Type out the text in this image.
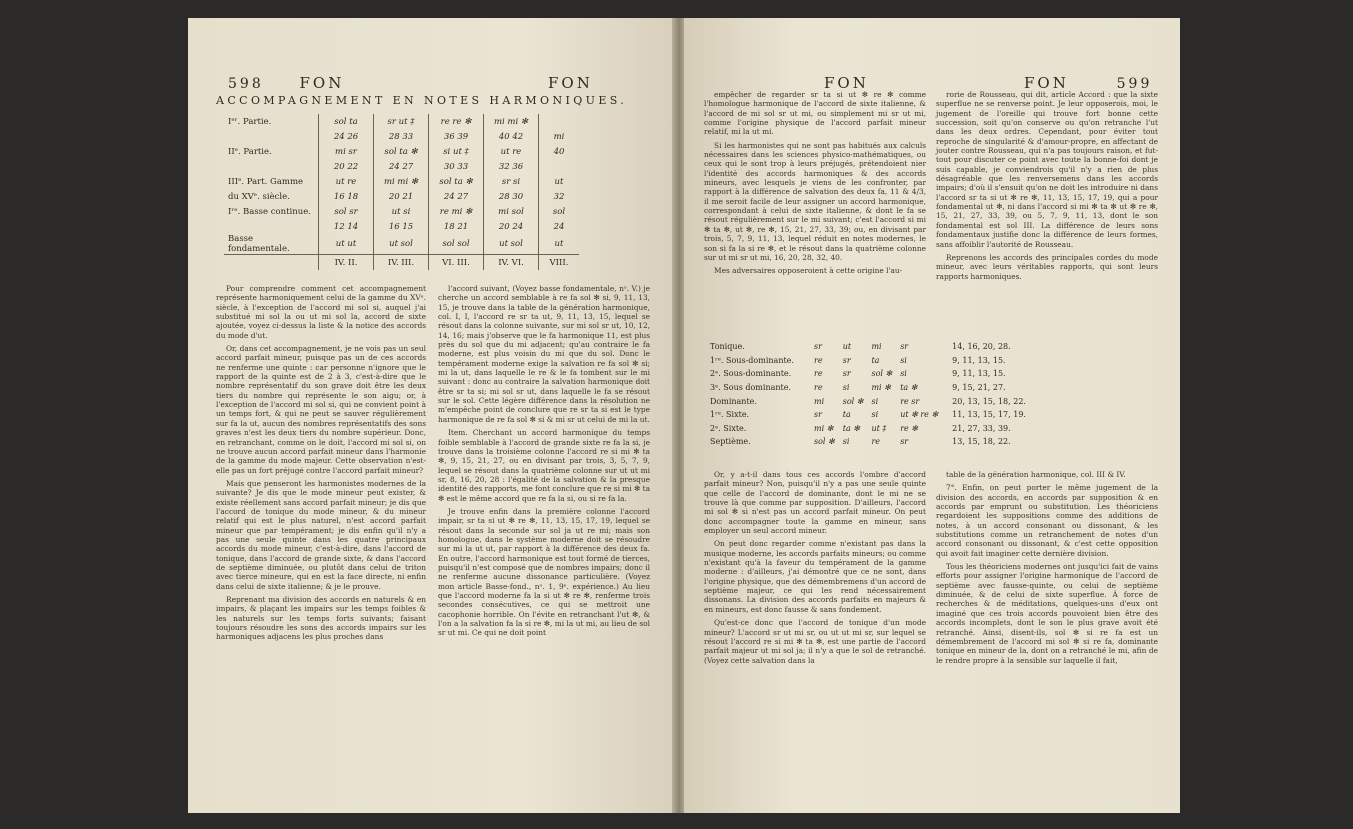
598 FON	FON
ACCOMPAGNEMENT EN NOTES HARMONIQUES.
Iᵉʳ. Partie.	sol ta	sr ut ‡	re re ✻	mi mi ✻	
	24 26	28 33	36 39	40 42	mi
IIᵉ. Partie.	mi sr	sol ta ✻	si ut ‡	ut re	40
	20 22	24 27	30 33	32 36	
IIIᵉ. Part. Gamme	ut re	mi mi ✻	sol ta ✻	sr si	ut
du XVᵉ. siècle.	16 18	20 21	24 27	28 30	32
Iʳᵉ. Basse continue.	sol sr	ut si	re mi ✻	mi sol	sol
	12 14	16 15	18 21	20 24	24
Basse fondamentale.	ut ut	ut sol	sol sol	ut sol	ut
	IV. II.	IV. III.	VI. III.	IV. VI.	VIII.

Pour comprendre comment cet accompagnement représente harmoniquement celui de la gamme du XVᵉ. siècle, à l'exception de l'accord mi sol si, auquel j'ai substitué mi sol la ou ut mi sol la, accord de sixte ajoutée, voyez ci-dessus la liste & la notice des accords du mode d'ut.

Or, dans cet accompagnement, je ne vois pas un seul accord parfait mineur, puisque pas un de ces accords ne renferme une quinte : car personne n'ignore que le rapport de la quinte est de 2 à 3, c'est-à-dire que le nombre représentatif du son grave doit être les deux tiers du nombre qui représente le son aigu; or, à l'exception de l'accord mi sol si, qui ne convient point à un temps fort, & qui ne peut se sauver régulièrement sur fa la ut, aucun des nombres représentatifs des sons graves n'est les deux tiers du nombre supérieur. Donc, en retranchant, comme on le doit, l'accord mi sol si, on ne trouve aucun accord parfait mineur dans l'harmonie de la gamme du mode majeur. Cette observation n'est-elle pas un fort préjugé contre l'accord parfait mineur?

Mais que penseront les harmonistes modernes de la suivante? Je dis que le mode mineur peut exister, & existe réellement sans accord parfait mineur; je dis que l'accord de tonique du mode mineur, & du mineur relatif qui est le plus naturel, n'est accord parfait mineur que par tempérament; je dis enfin qu'il n'y a pas une seule quinte dans les quatre principaux accords du mode mineur, c'est-à-dire, dans l'accord de tonique, dans l'accord de grande sixte, & dans l'accord de septième diminuée, ou plutôt dans celui de triton avec tierce mineure, qui en est la face directe, ni enfin dans celui de sixte italienne; & je le prouve.

Reprenant ma division des accords en naturels & en impairs, & plaçant les impairs sur les temps foibles & les naturels sur les temps forts suivants; faisant toujours résoudre les sons des accords impairs sur les harmoniques adjacens les plus proches dans

l'accord suivant, (Voyez basse fondamentale, nᵒ. V.) je cherche un accord semblable à re fa sol ✻ si, 9, 11, 13, 15, je trouve dans la table de la génération harmonique, col. I, I, l'accord re sr ta ut, 9, 11, 13, 15, lequel se résout dans la colonne suivante, sur mi sol sr ut, 10, 12, 14, 16; mais j'observe que le fa harmonique 11, est plus près du sol que du mi adjacent; qu'au contraire le fa moderne, est plus voisin du mi que du sol. Donc le tempérament moderne exige la salvation re fa sol ✻ si; mi la ut, dans laquelle le re & le fa tombent sur le mi suivant : donc au contraire la salvation harmonique doit être sr ta si; mi sol sr ut, dans laquelle le fa se résout sur le sol. Cette légère différence dans la résolution ne m'empêche point de conclure que re sr ta si est le type harmonique de re fa sol ✻ si & mi sr ut celui de mi la ut.

Item. Cherchant un accord harmonique du temps foible semblable à l'accord de grande sixte re fa la si, je trouve dans la troisième colonne l'accord re si mi ✻ ta ✻, 9, 15, 21, 27, ou en divisant par trois, 3, 5, 7, 9, lequel se résout dans la quatrième colonne sur ut ut mi sr, 8, 16, 20, 28 : l'égalité de la salvation & la presque identité des rapports, me font conclure que re si mi ✻ ta ✻ est le même accord que re fa la si, ou si re fa la.

Je trouve enfin dans la première colonne l'accord impair, sr ta si ut ✻ re ✻, 11, 13, 15, 17, 19, lequel se résout dans la seconde sur sol ja ut re mi; mais son homologue, dans le système moderne doit se résoudre sur mi la ut ut, par rapport à la différence des deux fa. En outre, l'accord harmonique est tout formé de tierces, puisqu'il n'est composé que de nombres impairs; donc il ne renferme aucune dissonance particulière. (Voyez mon article Basse-fond., nᵒ. 1, 9ᵉ. expérience.) Au lieu que l'accord moderne fa la si ut ✻ re ✻, renferme trois secondes consécutives, ce qui se mettroit une cacophonie horrible. On l'évite en retranchant l'ut ✻, & l'on a la salvation fa la si re ✻, mi la ut mi, au lieu de sol sr ut mi. Ce qui ne doit point

FON	FON	599

empêcher de regarder sr ta si ut ✻ re ✻ comme l'homologue harmonique de l'accord de sixte italienne, & l'accord de mi sol sr ut mi, ou simplement mi sr ut mi, comme l'origine physique de l'accord parfait mineur relatif, mi la ut mi.

Si les harmonistes qui ne sont pas habitués aux calculs nécessaires dans les sciences physico-mathématiques, ou ceux qui le sont trop à leurs préjugés, prétendoient nier l'identité des accords harmoniques & des accords mineurs, avec lesquels je viens de les confronter, par rapport à la différence de salvation des deux fa, 11 & 4/3, il me seroit facile de leur assigner un accord harmonique, correspondant à celui de sixte italienne, & dont le fa se résout régulièrement sur le mi suivant; c'est l'accord si mi ✻ ta ✻, ut ✻, re ✻, 15, 21, 27, 33, 39; ou, en divisant par trois, 5, 7, 9, 11, 13, lequel réduit en notes modernes, le son si fa la si re ✻, et le résout dans la quatrième colonne sur ut mi sr ut mi, 16, 20, 28, 32, 40.

Mes adversaires opposeroient à cette origine l'au-

Tonique.	sr	ut	mi	sr	14, 16, 20, 28.
1ʳᵉ. Sous-dominante.	re	sr	ta	si	9, 11, 13, 15.
2ᵉ. Sous-dominante.	re	sr	sol ✻	si	9, 11, 13, 15.
3ᵉ. Sous dominante.	re	si	mi ✻	ta ✻	9, 15, 21, 27.
Dominante.	mi	sol ✻	si	re sr	20, 13, 15, 18, 22.
1ʳᵉ. Sixte.	sr	ta	si	ut ✻ re ✻	11, 13, 15, 17, 19.
2ᵉ. Sixte.	mi ✻	ta ✻	ut ‡	re ✻	21, 27, 33, 39.
Septième.	sol ✻	si	re	sr	13, 15, 18, 22.

Or, y a-t-il dans tous ces accords l'ombre d'accord parfait mineur? Non, puisqu'il n'y a pas une seule quinte que celle de l'accord de dominante, dont le mi ne se trouve là que comme par supposition. D'ailleurs, l'accord mi sol ✻ si n'est pas un accord parfait mineur. On peut donc accompagner toute la gamme en mineur, sans employer un seul accord mineur.

On peut donc regarder comme n'existant pas dans la musique moderne, les accords parfaits mineurs; ou comme n'existant qu'à la faveur du tempérament de la gamme moderne : d'ailleurs, j'ai démontré que ce ne sont, dans l'origine physique, que des démembremens d'un accord de septième majeur, ce qui les rend nécessairement dissonans. La division des accords parfaits en majeurs & en mineurs, est donc fausse & sans fondement.

Qu'est-ce donc que l'accord de tonique d'un mode mineur? L'accord sr ut mi sr, ou ut ut mi sr, sur lequel se résout l'accord re si mi ✻ ta ✻, est une partie de l'accord parfait majeur ut mi sol ja; il n'y a que le sol de retranché. (Voyez cette salvation dans la

rorie de Rousseau, qui dit, article Accord : que la sixte superflue ne se renverse point. Je leur opposerois, moi, le jugement de l'oreille qui trouve fort bonne cette succession, soit qu'on conserve ou qu'on retranche l'ut dans les deux ordres. Cependant, pour éviter tout reproche de singularité & d'amour-propre, en affectant de jouter contre Rousseau, qui n'a pas toujours raison, et fut-tout pour discuter ce point avec toute la bonne-foi dont je suis capable, je conviendrois qu'il n'y a rien de plus désagréable que les renversemens dans les accords impairs; d'où il s'ensuit qu'on ne doit les introduire ni dans l'accord sr ta si ut ✻ re ✻, 11, 13, 15, 17, 19, qui a pour fondamental ut ✻, ni dans l'accord si mi ✻ ta ✻ ut ✻ re ✻, 15, 21, 27, 33, 39, ou 5, 7, 9, 11, 13, dont le son fondamental est sol III. La différence de leurs sons fondamentaux justifie donc la différence de leurs formes, sans affoiblir l'autorité de Rousseau.

Reprenons les accords des principales cordes du mode mineur, avec leurs véritables rapports, qui sont leurs rapports harmoniques.

table de la génération harmonique, col. III & IV.

7°. Enfin, on peut porter le même jugement de la division des accords, en accords par supposition & en accords par emprunt ou substitution. Les théoriciens regardoient les suppositions comme des additions de notes, à un accord consonant ou dissonant, & les substitutions comme un retranchement de notes d'un accord consonant ou dissonant, & c'est cette opposition qui avoit fait imaginer cette dernière division.

Tous les théoriciens modernes ont jusqu'ici fait de vains efforts pour assigner l'origine harmonique de l'accord de septième avec fausse-quinte, ou celui de septième diminuée, & de celui de sixte superflue. À force de recherches & de méditations, quelques-uns d'eux ont imaginé que ces trois accords pouvoient bien être des accords incomplets, dont le son le plus grave avoit été retranché. Ainsi, disent-ils, sol ✻ si re fa est un démembrement de l'accord mi sol ✻ si re fa, dominante tonique en mineur de la, dont on a retranché le mi, afin de le rendre propre à la sensible sur laquelle il fait,
